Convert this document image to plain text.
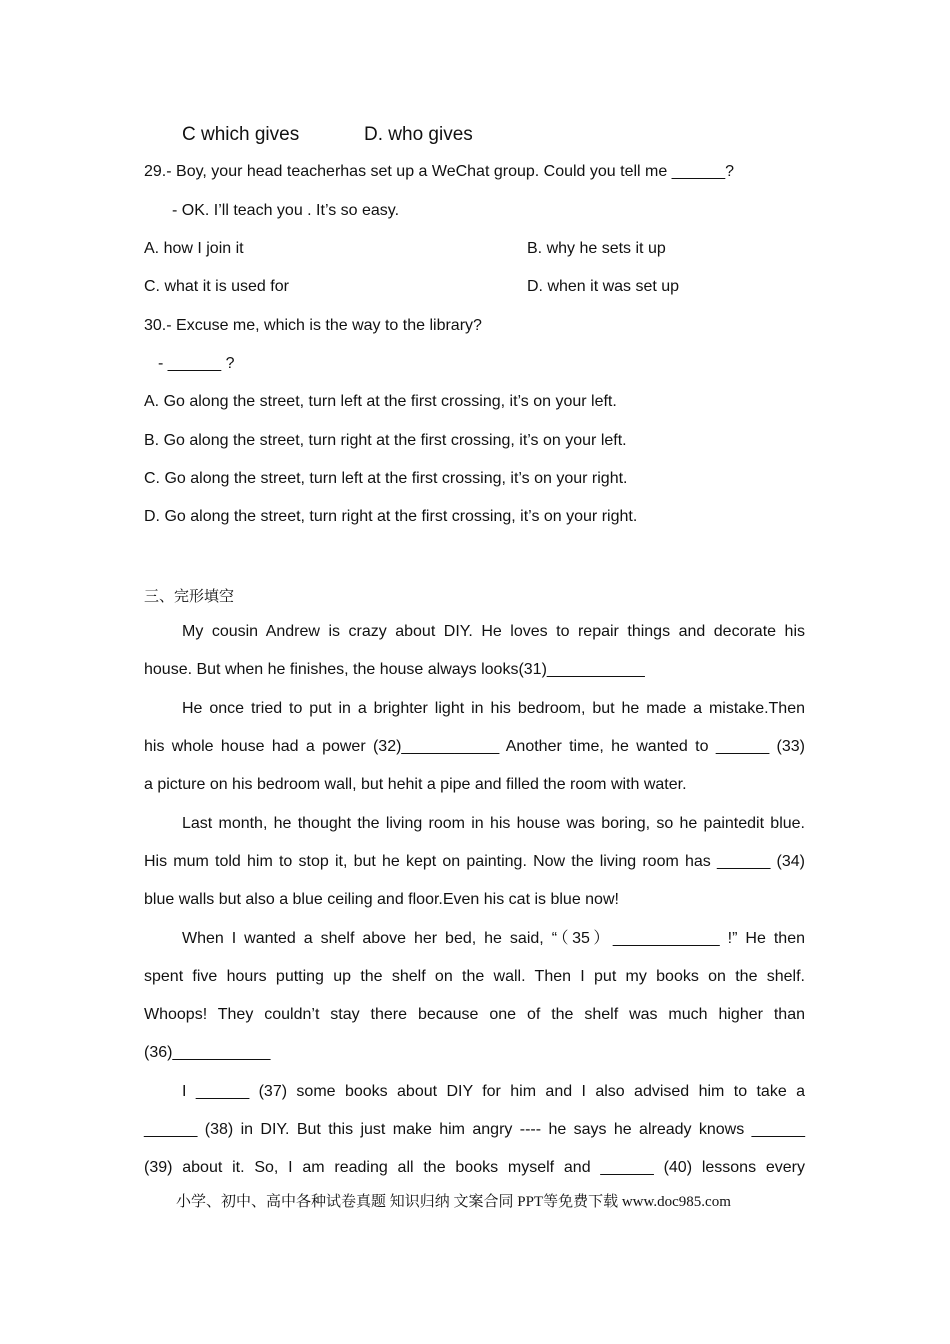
C which gives	D. who gives
29.- Boy, your head teacherhas set up a WeChat group. Could you tell me ______?
- OK. I’ll teach you . It’s so easy.
A. how I join it	B. why he sets it up
C. what it is used for	D. when it was set up
30.- Excuse me, which is the way to the library?
- ______ ?
A. Go along the street, turn left at the first crossing, it’s on your left.
B. Go along the street, turn right at the first crossing, it’s on your left.
C. Go along the street, turn left at the first crossing, it’s on your right.
D. Go along the street, turn right at the first crossing, it’s on your right.
三、完形填空
My cousin Andrew is crazy about DIY. He loves to repair things and decorate his
house. But when he finishes, the house always looks(31)___________
He once tried to put in a brighter light in his bedroom, but he made a mistake.Then
his whole house had a power (32)___________ Another time, he wanted to ______ (33)
a picture on his bedroom wall, but hehit a pipe and filled the room with water.
Last month, he thought the living room in his house was boring, so he paintedit blue.
His mum told him to stop it, but he kept on painting. Now the living room has ______ (34)
blue walls but also a blue ceiling and floor.Even his cat is blue now!
When I wanted a shelf above her bed, he said, “（35）____________ !” He then
spent five hours putting up the shelf on the wall. Then I put my books on the shelf.
Whoops! They couldn’t stay there because one of the shelf was much higher than
(36)___________
I ______ (37) some books about DIY for him and I also advised him to take a
______ (38) in DIY. But this just make him angry ---- he says he already knows ______
(39) about it. So, I am reading all the books myself and ______ (40) lessons every
小学、初中、高中各种试卷真题 知识归纳 文案合同 PPT等免费下载 www.doc985.com
